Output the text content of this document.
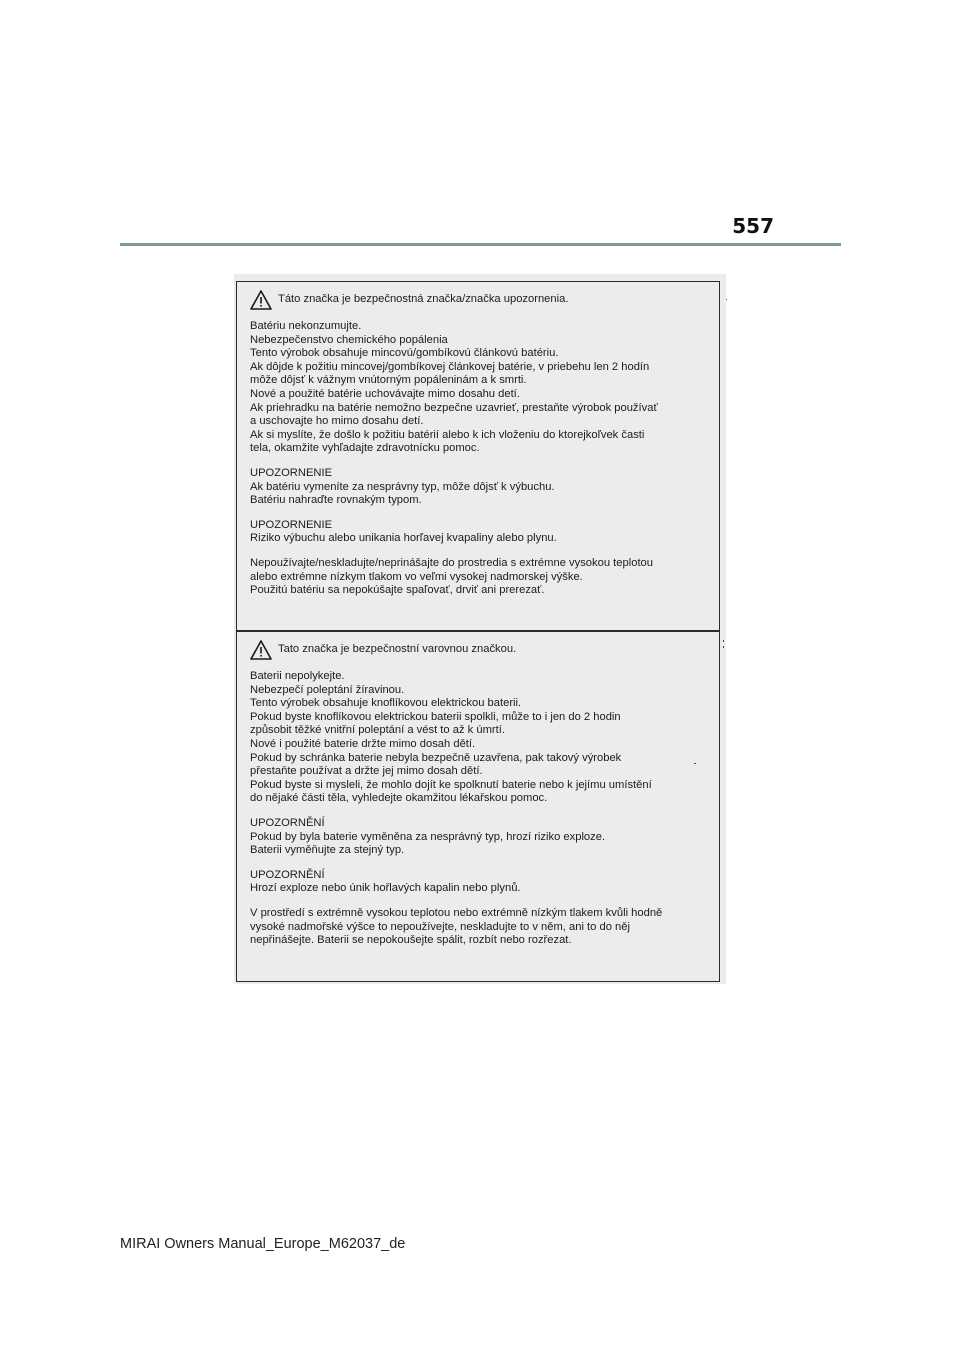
557
Táto značka je bezpečnostná značka/značka upozornenia.
Batériu nekonzumujte.
Nebezpečenstvo chemického popálenia
Tento výrobok obsahuje mincovú/gombíkovú článkovú batériu.
Ak dôjde k požitiu mincovej/gombíkovej článkovej batérie, v priebehu len 2 hodín
môže dôjsť k vážnym vnútorným popáleninám a k smrti.
Nové a použité batérie uchovávajte mimo dosahu detí.
Ak priehradku na batérie nemožno bezpečne uzavrieť, prestaňte výrobok používať
a uschovajte ho mimo dosahu detí.
Ak si myslíte, že došlo k požitiu batérií alebo k ich vloženiu do ktorejkoľvek časti
tela, okamžite vyhľadajte zdravotnícku pomoc.
UPOZORNENIE
Ak batériu vymeníte za nesprávny typ, môže dôjsť k výbuchu.
Batériu nahraďte rovnakým typom.
UPOZORNENIE
Riziko výbuchu alebo unikania horľavej kvapaliny alebo plynu.
Nepoužívajte/neskladujte/neprinášajte do prostredia s extrémne vysokou teplotou
alebo extrémne nízkym tlakom vo veľmi vysokej nadmorskej výške.
Použitú batériu sa nepokúšajte spaľovať, drviť ani prerezať.
Tato značka je bezpečnostní varovnou značkou.
Baterii nepolykejte.
Nebezpečí poleptání žíravinou.
Tento výrobek obsahuje knoflíkovou elektrickou baterii.
Pokud byste knoflíkovou elektrickou baterii spolkli, může to i jen do 2 hodin
způsobit těžké vnitřní poleptání a vést to až k úmrtí.
Nové i použité baterie držte mimo dosah dětí.
Pokud by schránka baterie nebyla bezpečně uzavřena, pak takový výrobek
přestaňte používat a držte jej mimo dosah dětí.
Pokud byste si mysleli, že mohlo dojít ke spolknutí baterie nebo k jejímu umístění
do nějaké části těla, vyhledejte okamžitou lékařskou pomoc.
UPOZORNĚNÍ
Pokud by byla baterie vyměněna za nesprávný typ, hrozí riziko exploze.
Baterii vyměňujte za stejný typ.
UPOZORNĚNÍ
Hrozí exploze nebo únik hořlavých kapalin nebo plynů.
V prostředí s extrémně vysokou teplotou nebo extrémně nízkým tlakem kvůli hodně
vysoké nadmořské výšce to nepoužívejte, neskladujte to v něm, ani to do něj
nepřinášejte. Baterii se nepokoušejte spálit, rozbít nebo rozřezat.
MIRAI Owners Manual_Europe_M62037_de
